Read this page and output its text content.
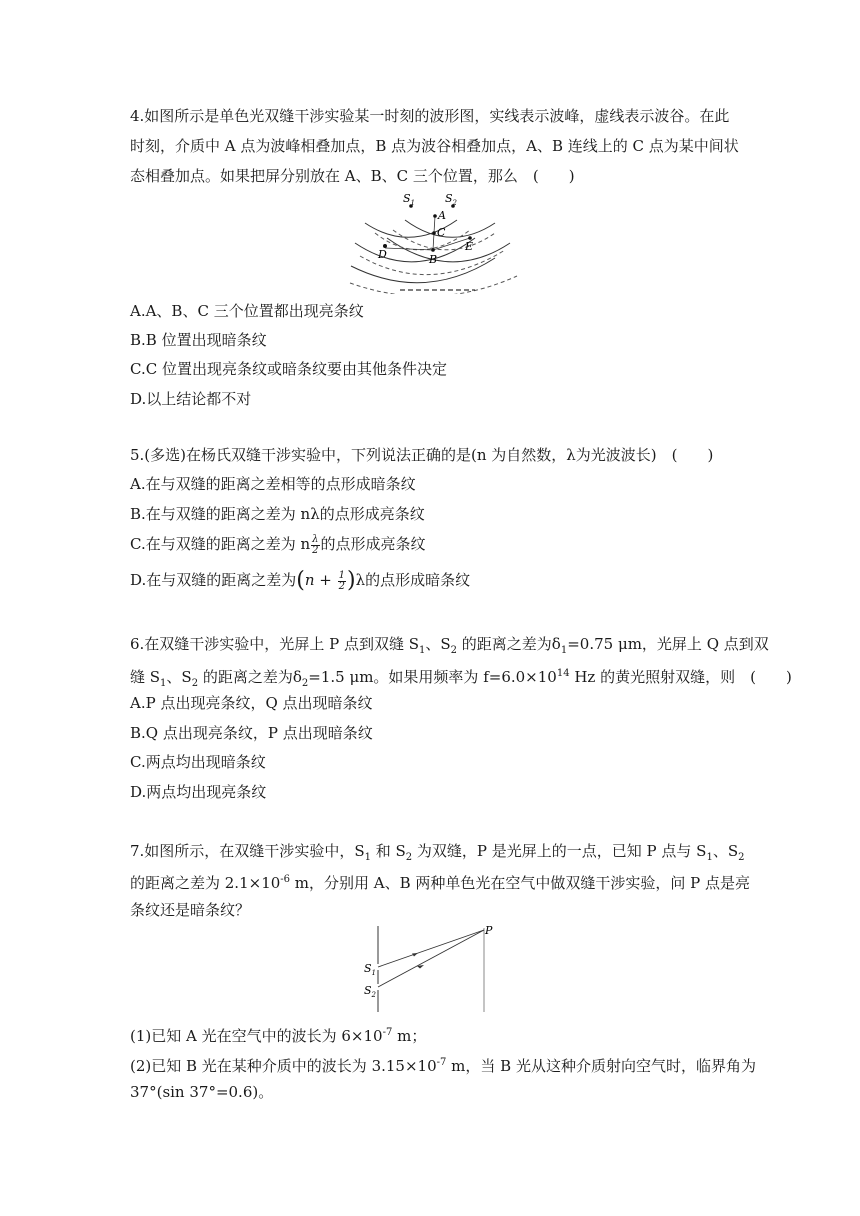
4.如图所示是单色光双缝干涉实验某一时刻的波形图，实线表示波峰，虚线表示波谷。在此
时刻，介质中 A 点为波峰相叠加点，B 点为波谷相叠加点，A、B 连线上的 C 点为某中间状
态相叠加点。如果把屏分别放在 A、B、C 三个位置，那么　(　　)
$S_1$	$S_2$
A
C
B
D
E
A.A、B、C 三个位置都出现亮条纹
B.B 位置出现暗条纹
C.C 位置出现亮条纹或暗条纹要由其他条件决定
D.以上结论都不对
5.(多选)在杨氏双缝干涉实验中，下列说法正确的是(n 为自然数，λ为光波波长)　(　　)
A.在与双缝的距离之差相等的点形成暗条纹
B.在与双缝的距离之差为 nλ的点形成亮条纹
C.在与双缝的距离之差为 n $\frac{\lambda}{2}$ 的点形成亮条纹
D.在与双缝的距离之差为$(n + \frac{1}{2} )\lambda$的点形成暗条纹
6.在双缝干涉实验中，光屏上 P 点到双缝 $S_1$、$S_2$ 的距离之差为$\delta_1=0.75$ μm，光屏上 Q 点到双
缝 $S_1$、$S_2$ 的距离之差为$\delta_2=1.5$ μm。如果用频率为 $f=6.0\times 10^{14}$ Hz 的黄光照射双缝，则　(　　)
A.P 点出现亮条纹，Q 点出现暗条纹
B.Q 点出现亮条纹，P 点出现暗条纹
C.两点均出现暗条纹
D.两点均出现亮条纹
7.如图所示，在双缝干涉实验中，$S_1$ 和 $S_2$ 为双缝，P 是光屏上的一点，已知 P 点与 $S_1$、$S_2$
的距离之差为 $2.1\times 10^{-6}$ m，分别用 A、B 两种单色光在空气中做双缝干涉实验，问 P 点是亮
条纹还是暗条纹？
P
$S_1$
$S_2$
(1)已知 A 光在空气中的波长为 $6\times 10^{-7}$ m；
(2)已知 B 光在某种介质中的波长为 $3.15\times 10^{-7}$ m，当 B 光从这种介质射向空气时，临界角为
37°(sin 37°=0.6)。
